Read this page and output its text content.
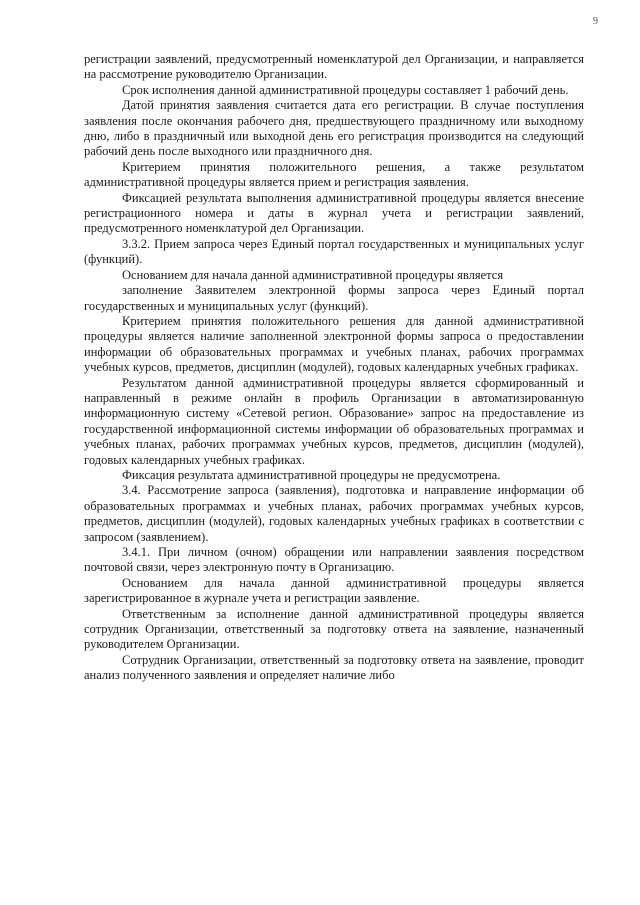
9

регистрации заявлений, предусмотренный номенклатурой дел Организации, и направляется на рассмотрение руководителю Организации.

Срок исполнения данной административной процедуры составляет 1 рабочий день.

Датой принятия заявления считается дата его регистрации. В случае поступления заявления после окончания рабочего дня, предшествующего праздничному или выходному дню, либо в праздничный или выходной день его регистрация производится на следующий рабочий день после выходного или праздничного дня.

Критерием принятия положительного решения, а также результатом административной процедуры является прием и регистрация заявления.

Фиксацией результата выполнения административной процедуры является внесение регистрационного номера и даты в журнал учета и регистрации заявлений, предусмотренного номенклатурой дел Организации.

3.3.2. Прием запроса через Единый портал государственных и муниципальных услуг (функций).

Основанием для начала данной административной процедуры является

заполнение Заявителем электронной формы запроса через Единый портал государственных и муниципальных услуг (функций).

Критерием принятия положительного решения для данной административной процедуры является наличие заполненной электронной формы запроса о предоставлении информации об образовательных программах и учебных планах, рабочих программах учебных курсов, предметов, дисциплин (модулей), годовых календарных учебных графиках.

Результатом данной административной процедуры является сформированный и направленный в режиме онлайн в профиль Организации в автоматизированную информационную систему «Сетевой регион. Образование» запрос на предоставление из государственной информационной системы информации об образовательных программах и учебных планах, рабочих программах учебных курсов, предметов, дисциплин (модулей), годовых календарных учебных графиках.

Фиксация результата административной процедуры не предусмотрена.

3.4. Рассмотрение запроса (заявления), подготовка и направление информации об образовательных программах и учебных планах, рабочих программах учебных курсов, предметов, дисциплин (модулей), годовых календарных учебных графиках в соответствии с запросом (заявлением).

3.4.1. При личном (очном) обращении или направлении заявления посредством почтовой связи, через электронную почту в Организацию.

Основанием для начала данной административной процедуры является зарегистрированное в журнале учета и регистрации заявление.

Ответственным за исполнение данной административной процедуры является сотрудник Организации, ответственный за подготовку ответа на заявление, назначенный руководителем Организации.

Сотрудник Организации, ответственный за подготовку ответа на заявление, проводит анализ полученного заявления и определяет наличие либо
